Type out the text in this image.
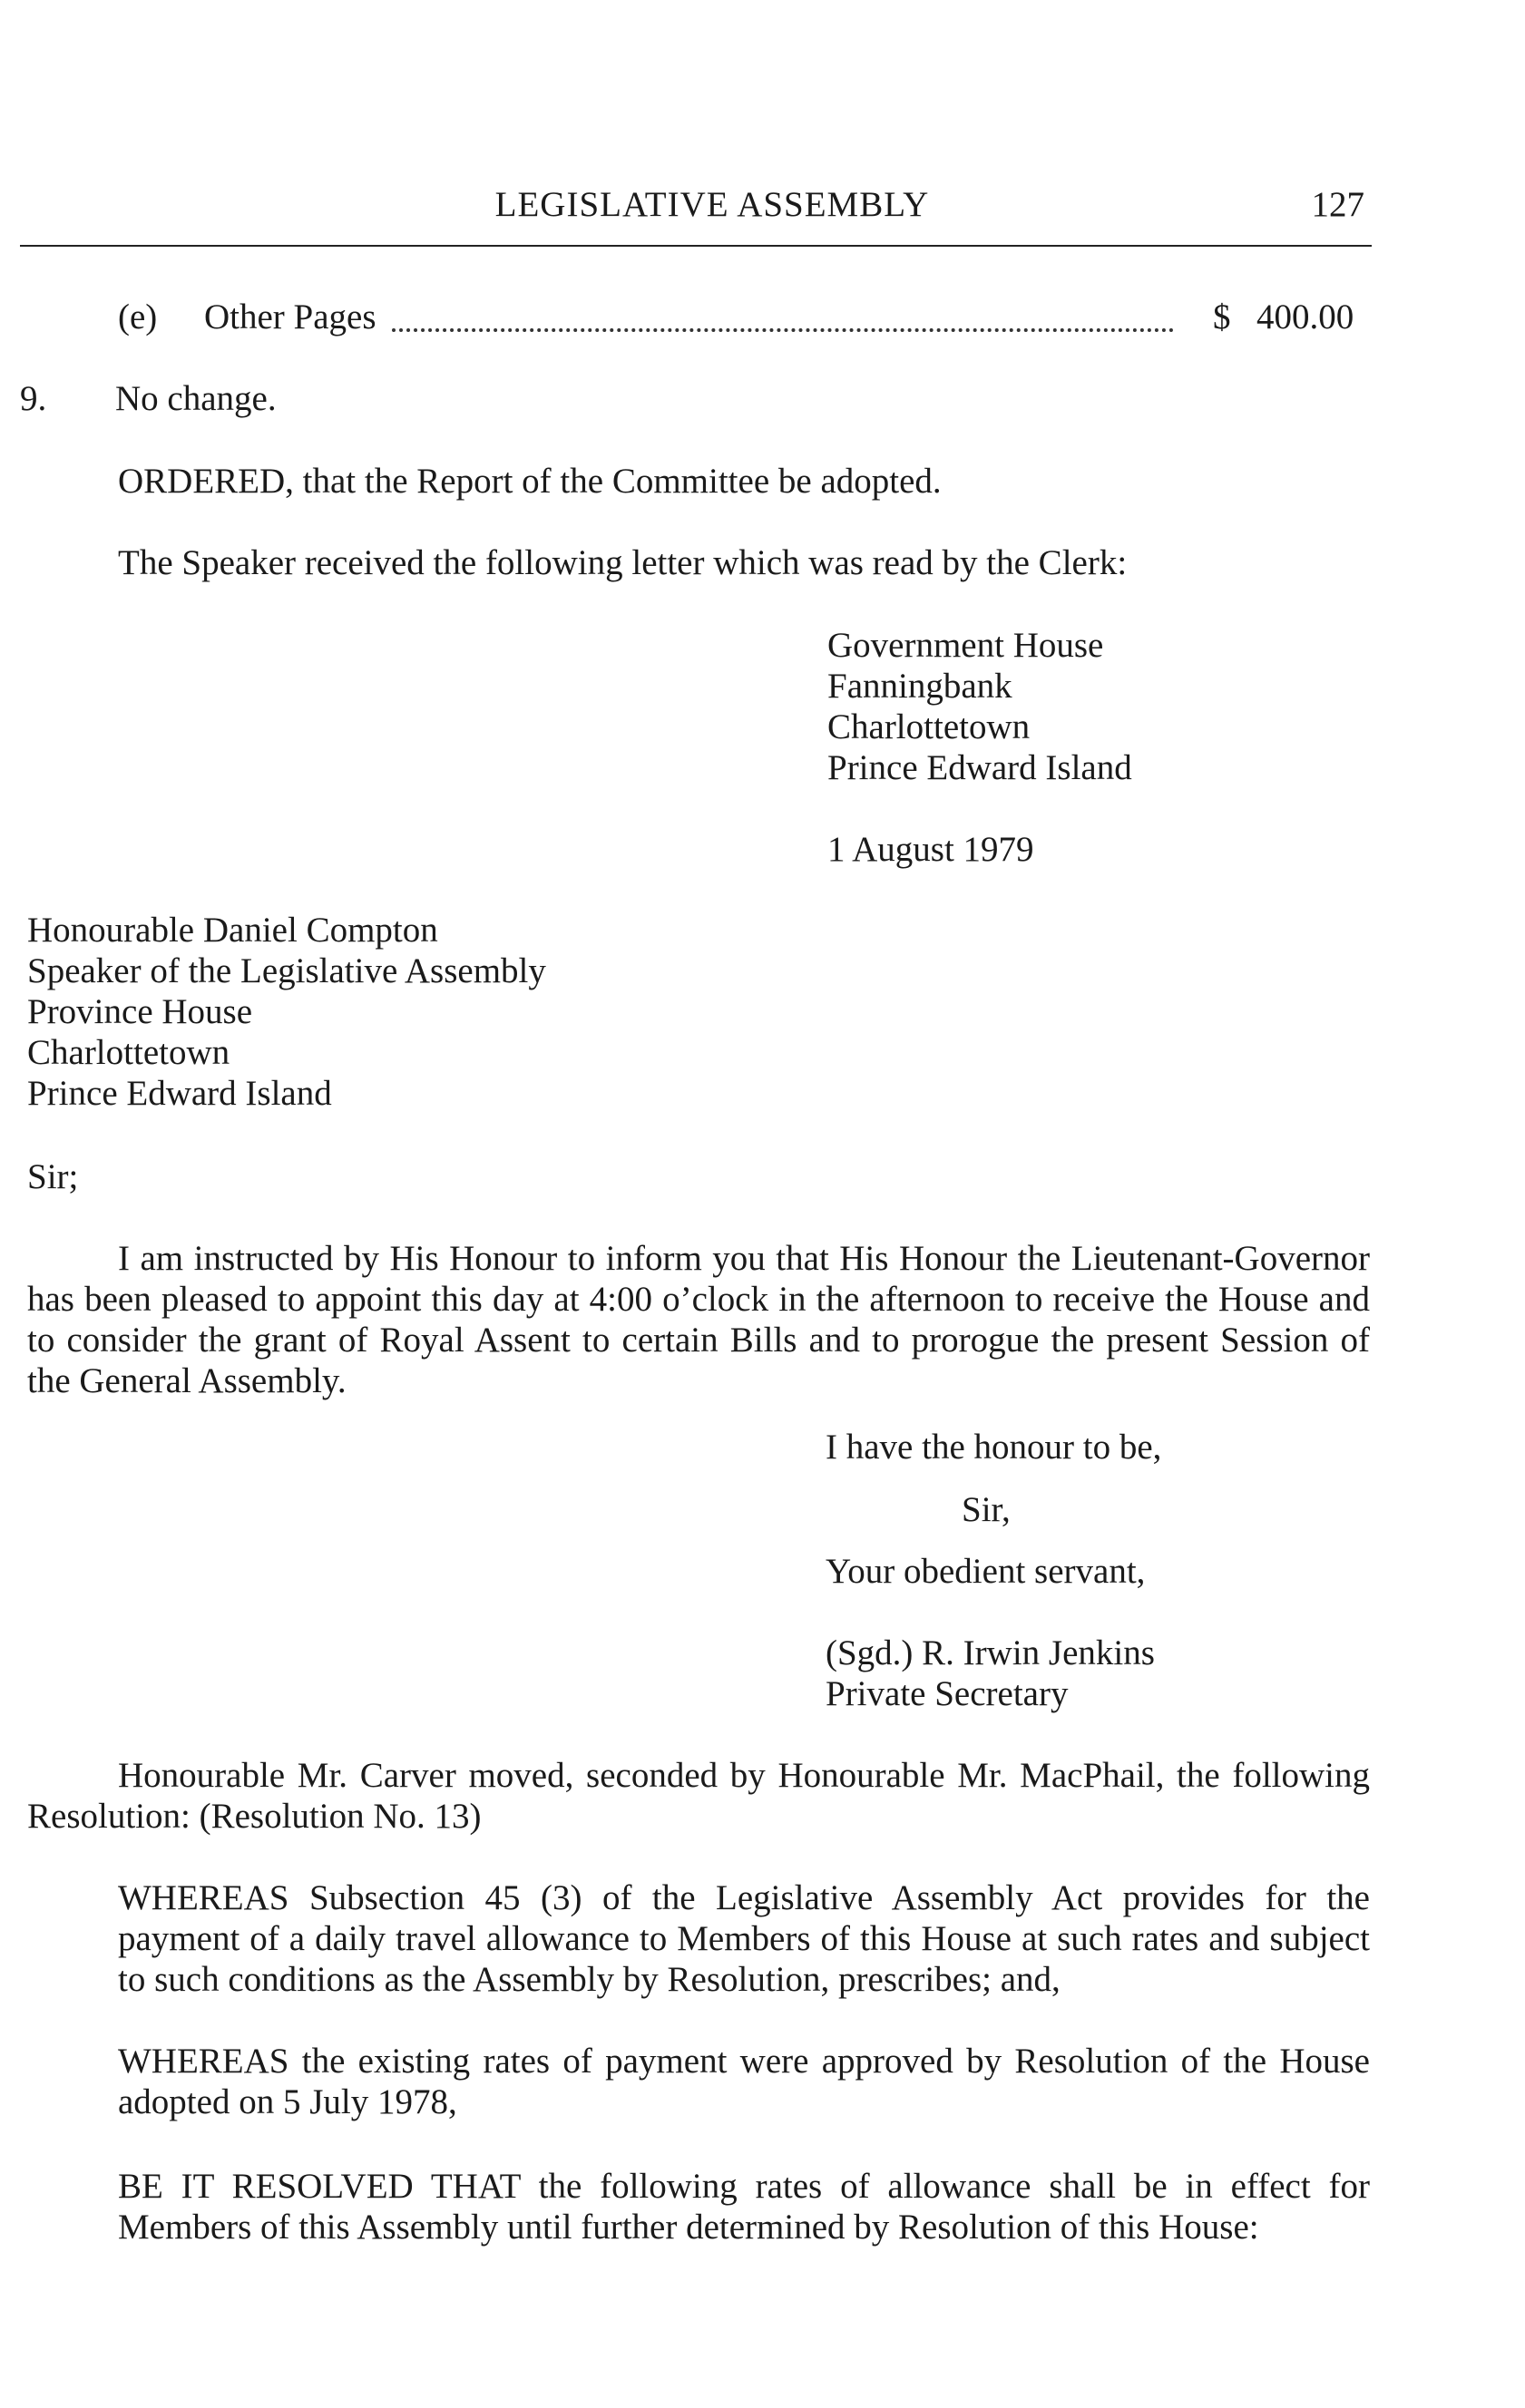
LEGISLATIVE ASSEMBLY	127
(e) Other Pages	$ 400.00
9. No change.
ORDERED, that the Report of the Committee be adopted.
The Speaker received the following letter which was read by the Clerk:
Government House
Fanningbank
Charlottetown
Prince Edward Island
1 August 1979
Honourable Daniel Compton
Speaker of the Legislative Assembly
Province House
Charlottetown
Prince Edward Island
Sir;
I am instructed by His Honour to inform you that His Honour the Lieutenant-Governor has been pleased to appoint this day at 4:00 o’clock in the afternoon to receive the House and to consider the grant of Royal Assent to certain Bills and to prorogue the present Session of the General Assembly.
I have the honour to be,
Sir,
Your obedient servant,
(Sgd.) R. Irwin Jenkins
Private Secretary
Honourable Mr. Carver moved, seconded by Honourable Mr. MacPhail, the following Resolution: (Resolution No. 13)
WHEREAS Subsection 45 (3) of the Legislative Assembly Act provides for the payment of a daily travel allowance to Members of this House at such rates and subject to such conditions as the Assembly by Resolution, prescribes; and,
WHEREAS the existing rates of payment were approved by Resolution of the House adopted on 5 July 1978,
BE IT RESOLVED THAT the following rates of allowance shall be in effect for Members of this Assembly until further determined by Resolution of this House:
